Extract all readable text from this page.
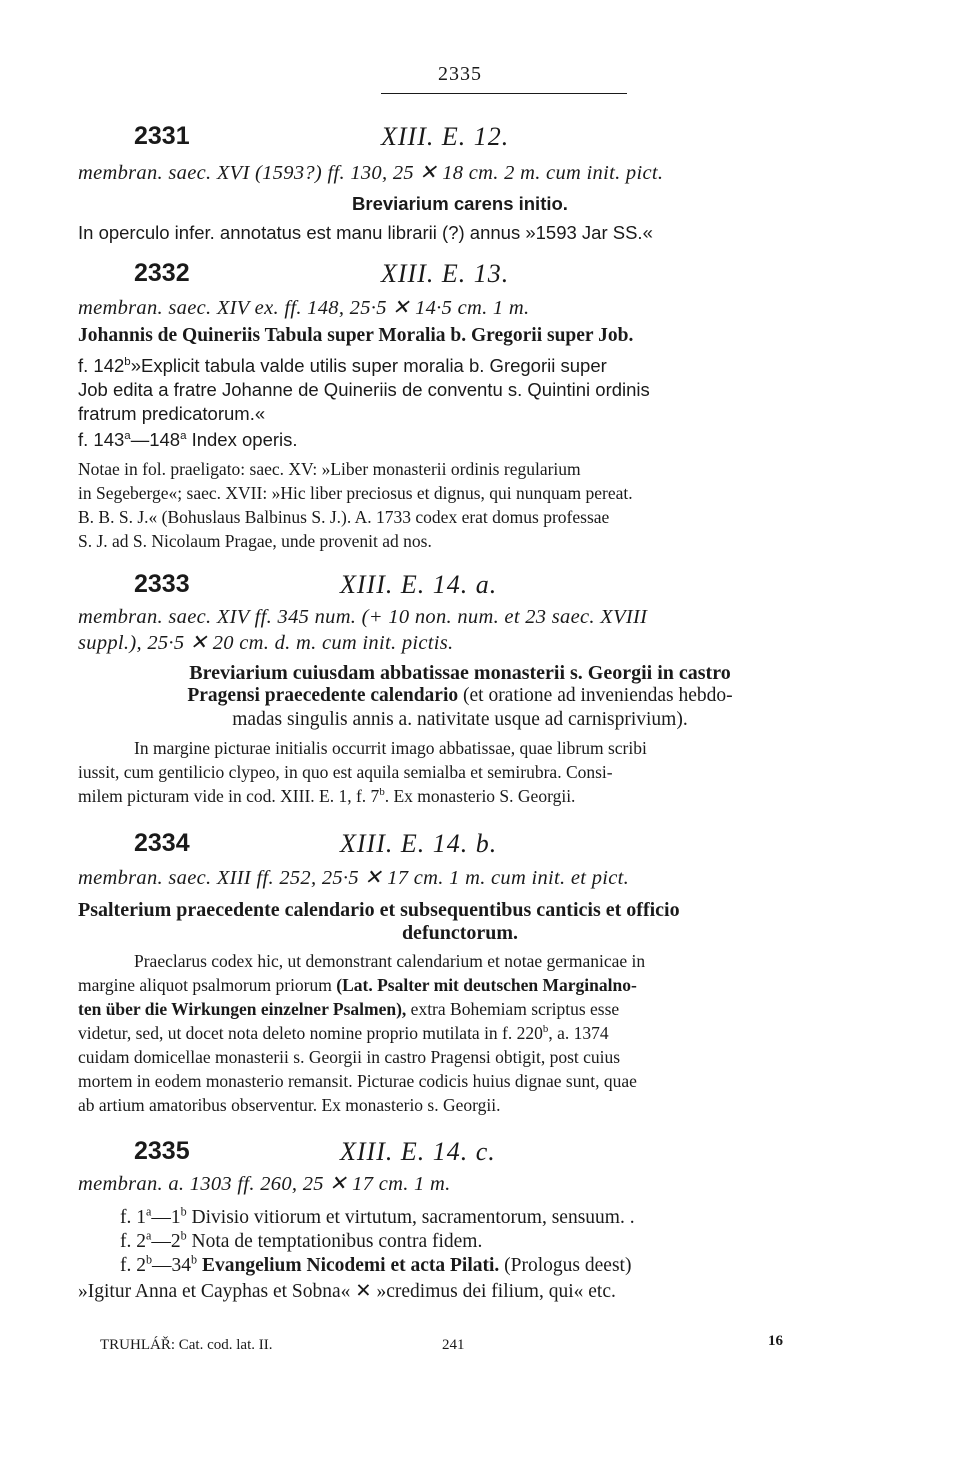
2335
2331	XIII. E. 12.
membran. saec. XVI (1593?) ff. 130, 25 ✕ 18 cm. 2 m. cum init. pict.
Breviarium carens initio.
In operculo infer. annotatus est manu librarii (?) annus »1593 Jar SS.«
2332	XIII. E. 13.
membran. saec. XIV ex. ff. 148, 25·5 ✕ 14·5 cm. 1 m.
Johannis de Quineriis Tabula super Moralia b. Gregorii super Job.
f. 142$^b$»Explicit tabula valde utilis super moralia b. Gregorii super
Job edita a fratre Johanne de Quineriis de conventu s. Quintini ordinis
fratrum predicatorum.«
f. 143$^a$—148$^a$ Index operis.
Notae in fol. praeligato: saec. XV: »Liber monasterii ordinis regularium
in Segeberge«; saec. XVII: »Hic liber preciosus et dignus, qui nunquam pereat.
B. B. S. J.« (Bohuslaus Balbinus S. J.). A. 1733 codex erat domus professae
S. J. ad S. Nicolaum Pragae, unde provenit ad nos.
2333	XIII. E. 14. a.
membran. saec. XIV ff. 345 num. (+ 10 non. num. et 23 saec. XVIII
suppl.), 25·5 ✕ 20 cm. d. m. cum init. pictis.
Breviarium cuiusdam abbatissae monasterii s. Georgii in castro
Pragensi praecedente calendario (et oratione ad inveniendas hebdo-
madas singulis annis a. nativitate usque ad carnisprivium).
In margine picturae initialis occurrit imago abbatissae, quae librum scribi
iussit, cum gentilicio clypeo, in quo est aquila semialba et semirubra. Consi-
milem picturam vide in cod. XIII. E. 1, f. 7$^b$. Ex monasterio S. Georgii.
2334	XIII. E. 14. b.
membran. saec. XIII ff. 252, 25·5 ✕ 17 cm. 1 m. cum init. et pict.
Psalterium praecedente calendario et subsequentibus canticis et officio
defunctorum.
Praeclarus codex hic, ut demonstrant calendarium et notae germanicae in
margine aliquot psalmorum priorum (Lat. Psalter mit deutschen Marginalno-
ten über die Wirkungen einzelner Psalmen), extra Bohemiam scriptus esse
videtur, sed, ut docet nota deleto nomine proprio mutilata in f. 220$^b$, a. 1374
cuidam domicellae monasterii s. Georgii in castro Pragensi obtigit, post cuius
mortem in eodem monasterio remansit. Picturae codicis huius dignae sunt, quae
ab artium amatoribus observentur. Ex monasterio s. Georgii.
2335	XIII. E. 14. c.
membran. a. 1303 ff. 260, 25 ✕ 17 cm. 1 m.
f. 1$^a$—1$^b$ Divisio vitiorum et virtutum, sacramentorum, sensuum. .
f. 2$^a$—2$^b$ Nota de temptationibus contra fidem.
f. 2$^b$—34$^b$ Evangelium Nicodemi et acta Pilati. (Prologus deest)
»Igitur Anna et Cayphas et Sobna« ✕ »credimus dei filium, qui« etc.
TRUHLÁŘ: Cat. cod. lat. II.	241	16
